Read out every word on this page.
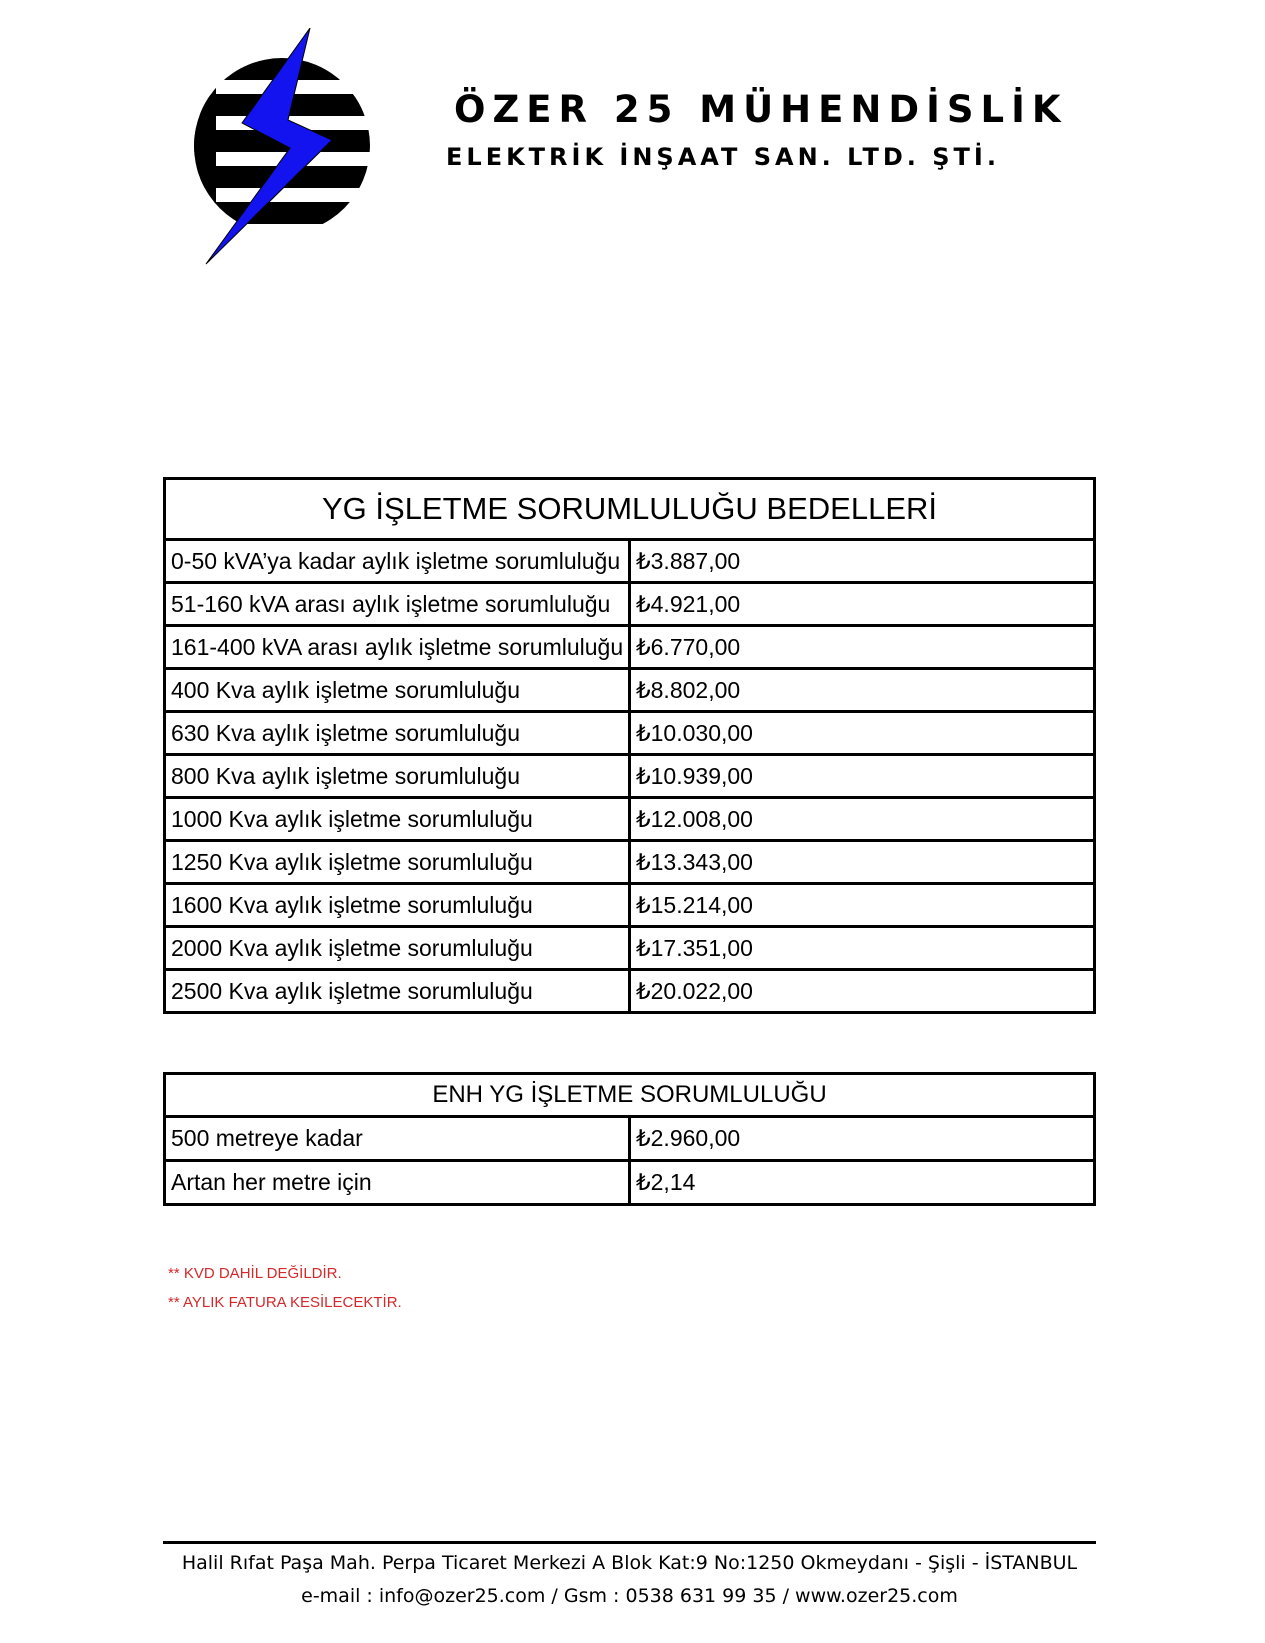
ÖZER 25 MÜHENDİSLİK
ELEKTRİK İNŞAAT SAN. LTD. ŞTİ.
YG İŞLETME SORUMLULUĞU BEDELLERİ	
0-50 kVA’ya kadar aylık işletme sorumluluğu	₺3.887,00
51-160 kVA arası aylık işletme sorumluluğu	₺4.921,00
161-400 kVA arası aylık işletme sorumluluğu	₺6.770,00
400 Kva aylık işletme sorumluluğu	₺8.802,00
630 Kva aylık işletme sorumluluğu	₺10.030,00
800 Kva aylık işletme sorumluluğu	₺10.939,00
1000 Kva aylık işletme sorumluluğu	₺12.008,00
1250 Kva aylık işletme sorumluluğu	₺13.343,00
1600 Kva aylık işletme sorumluluğu	₺15.214,00
2000 Kva aylık işletme sorumluluğu	₺17.351,00
2500 Kva aylık işletme sorumluluğu	₺20.022,00
ENH YG İŞLETME SORUMLULUĞU	
500 metreye kadar	₺2.960,00
Artan her metre için	₺2,14
** KVD DAHİL DEĞİLDİR.
** AYLIK FATURA KESİLECEKTİR.
Halil Rıfat Paşa Mah. Perpa Ticaret Merkezi A Blok Kat:9 No:1250 Okmeydanı - Şişli - İSTANBUL
e-mail : info@ozer25.com / Gsm : 0538 631 99 35 / www.ozer25.com
